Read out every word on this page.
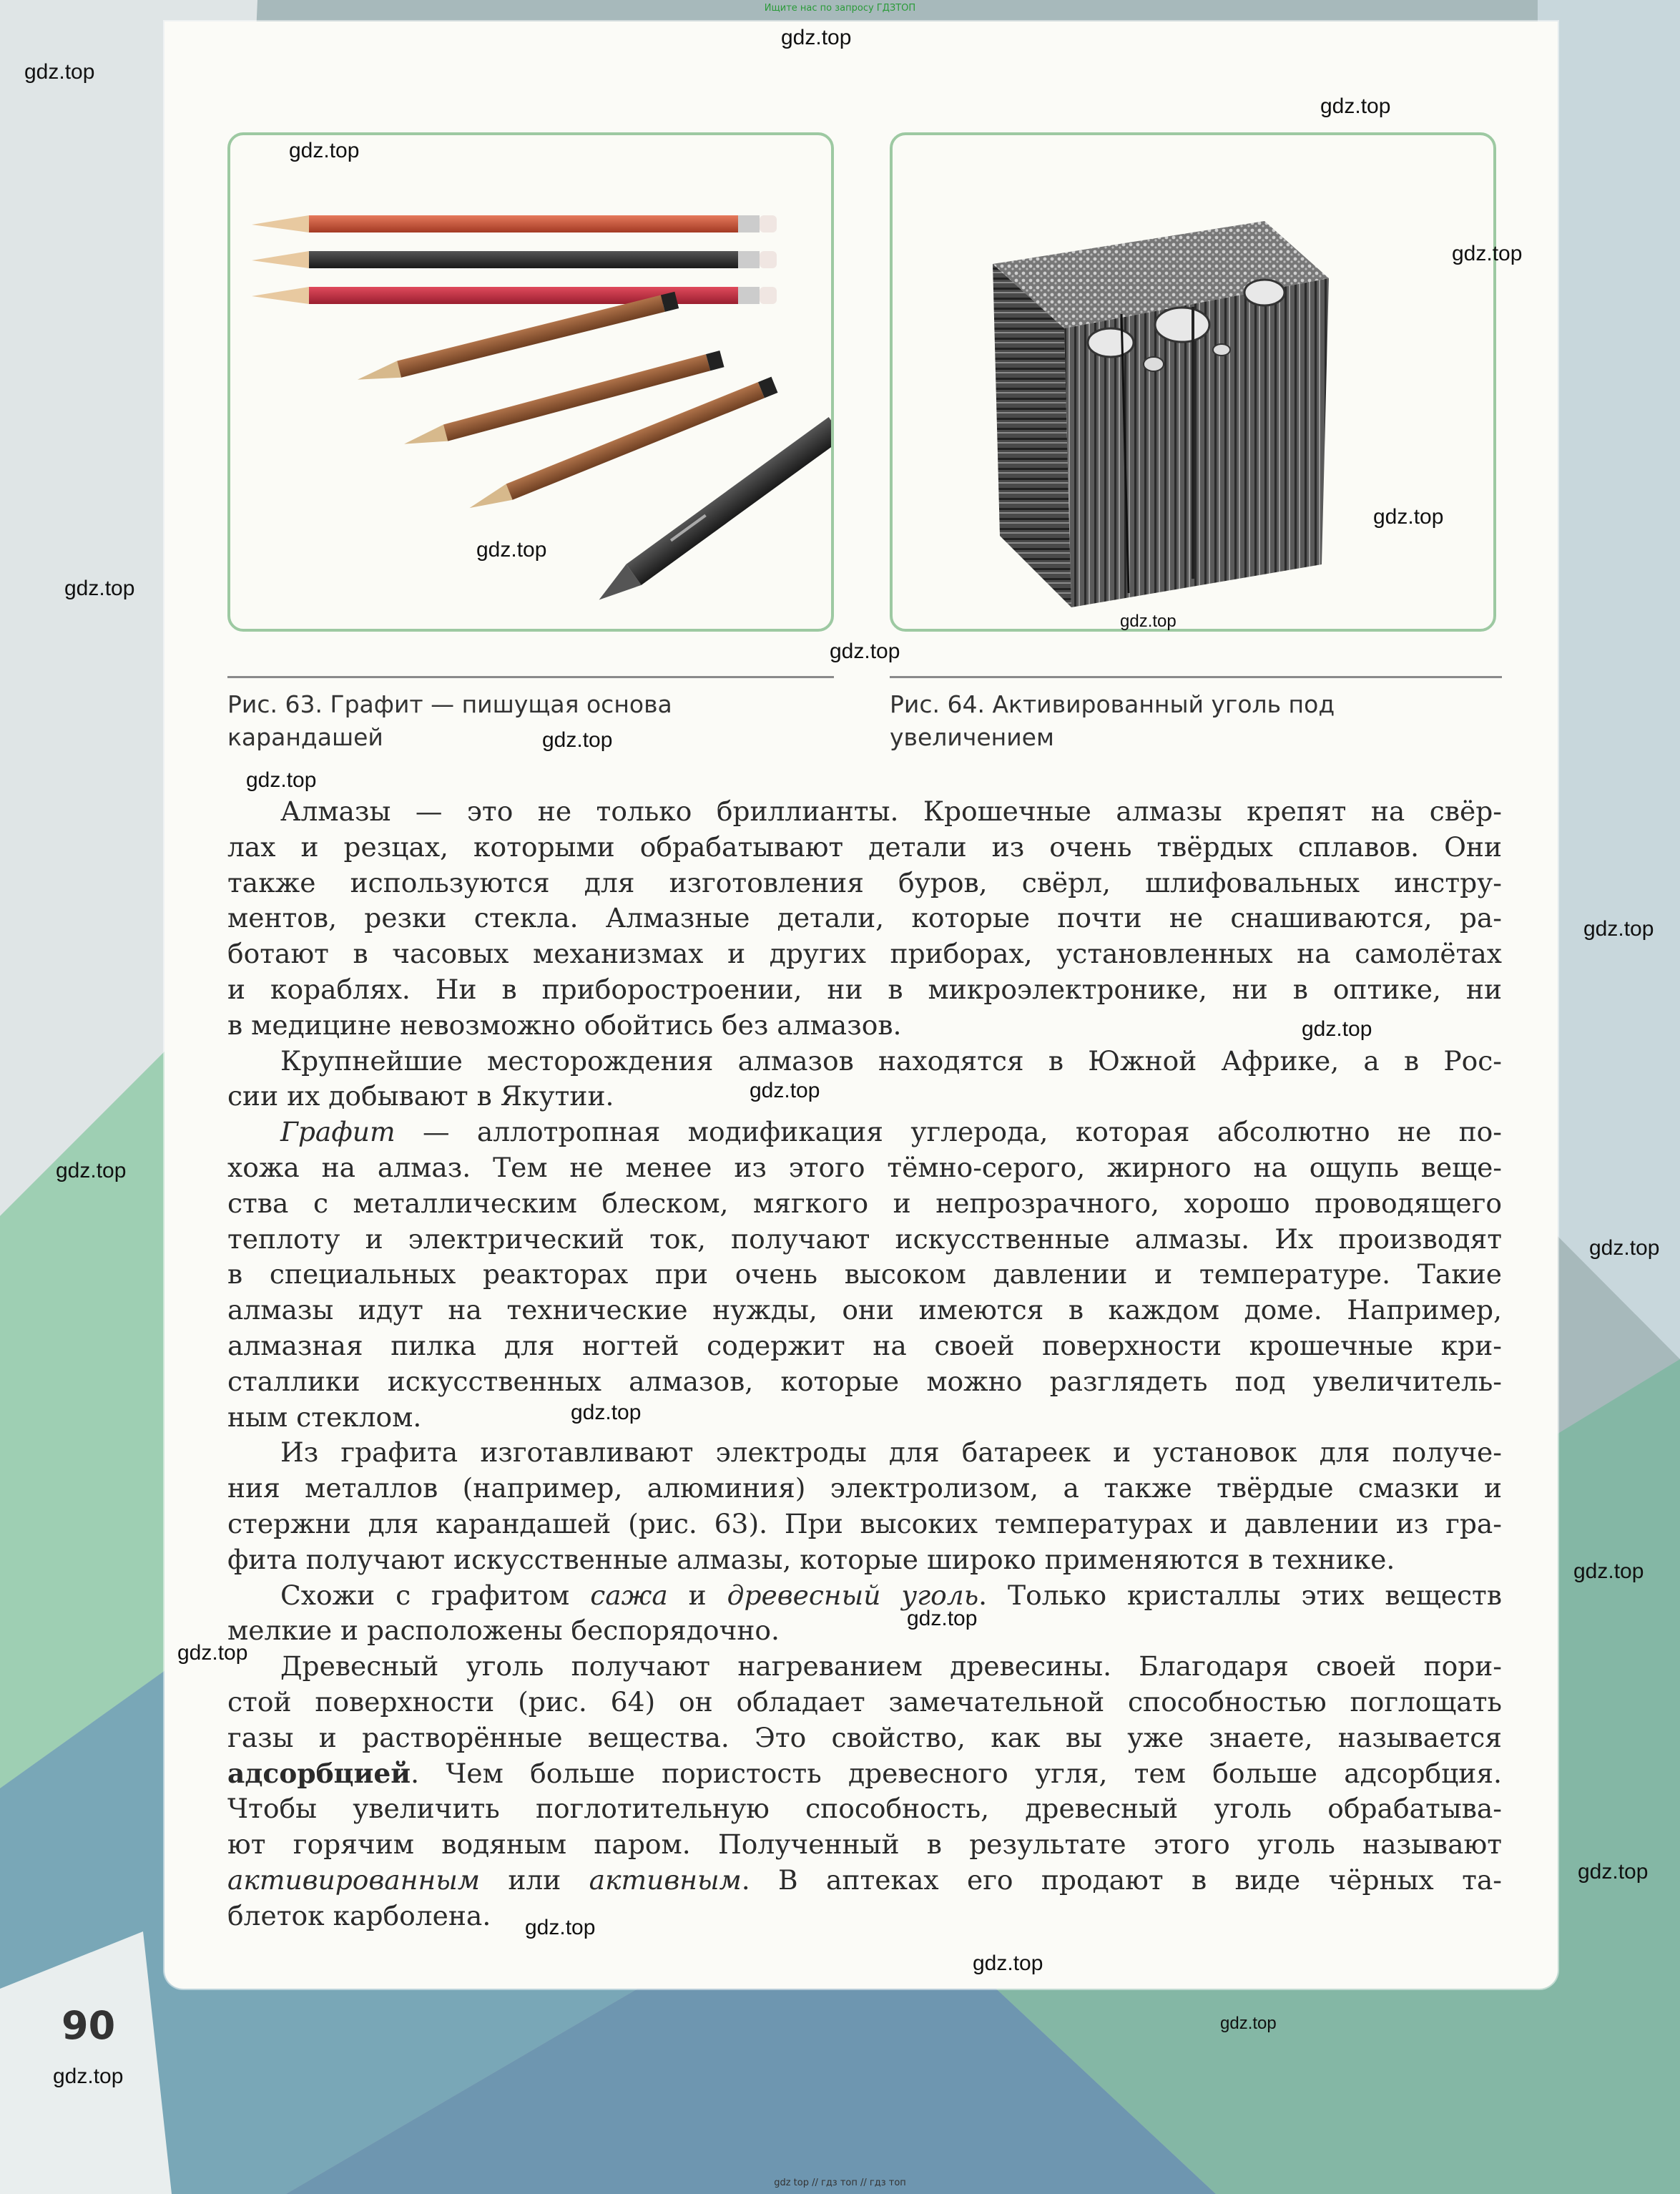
Ищите нас по запросу ГДЗТОП
Рис. 63. Графит — пишущая основа
карандашей
Рис. 64. Активированный уголь под
увеличением
Алмазы — это не только бриллианты. Крошечные алмазы крепят на свёр-
лах и резцах, которыми обрабатывают детали из очень твёрдых сплавов. Они
также используются для изготовления буров, свёрл, шлифовальных инстру-
ментов, резки стекла. Алмазные детали, которые почти не снашиваются, ра-
ботают в часовых механизмах и других приборах, установленных на самолётах
и кораблях. Ни в приборостроении, ни в микроэлектронике, ни в оптике, ни
в медицине невозможно обойтись без алмазов.
Крупнейшие месторождения алмазов находятся в Южной Африке, а в Рос-
сии их добывают в Якутии.
Графит — аллотропная модификация углерода, которая абсолютно не по-
хожа на алмаз. Тем не менее из этого тёмно-серого, жирного на ощупь веще-
ства с металлическим блеском, мягкого и непрозрачного, хорошо проводящего
теплоту и электрический ток, получают искусственные алмазы. Их производят
в специальных реакторах при очень высоком давлении и температуре. Такие
алмазы идут на технические нужды, они имеются в каждом доме. Например,
алмазная пилка для ногтей содержит на своей поверхности крошечные кри-
сталлики искусственных алмазов, которые можно разглядеть под увеличитель-
ным стеклом.
Из графита изготавливают электроды для батареек и установок для получе-
ния металлов (например, алюминия) электролизом, а также твёрдые смазки и
стержни для карандашей (рис. 63). При высоких температурах и давлении из гра-
фита получают искусственные алмазы, которые широко применяются в технике.
Схожи с графитом сажа и древесный уголь. Только кристаллы этих веществ
мелкие и расположены беспорядочно.
Древесный уголь получают нагреванием древесины. Благодаря своей пори-
стой поверхности (рис. 64) он обладает замечательной способностью поглощать
газы и растворённые вещества. Это свойство, как вы уже знаете, называется
адсорбцией. Чем больше пористость древесного угля, тем больше адсорбция.
Чтобы увеличить поглотительную способность, древесный уголь обрабатыва-
ют горячим водяным паром. Полученный в результате этого уголь называют
активированным или активным. В аптеках его продают в виде чёрных та-
блеток карболена.
90
gdz.top
gdz.top
gdz.top
gdz.top
gdz.top
gdz.top
gdz.top
gdz.top
gdz.top
gdz.top
gdz.top
gdz.top
gdz.top
gdz.top
gdz.top
gdz.top
gdz.top
gdz.top
gdz.top
gdz.top
gdz.top
gdz.top
gdz.top
gdz.top
gdz.top
gdz.top
gdz top // гдз топ // гдз топ
